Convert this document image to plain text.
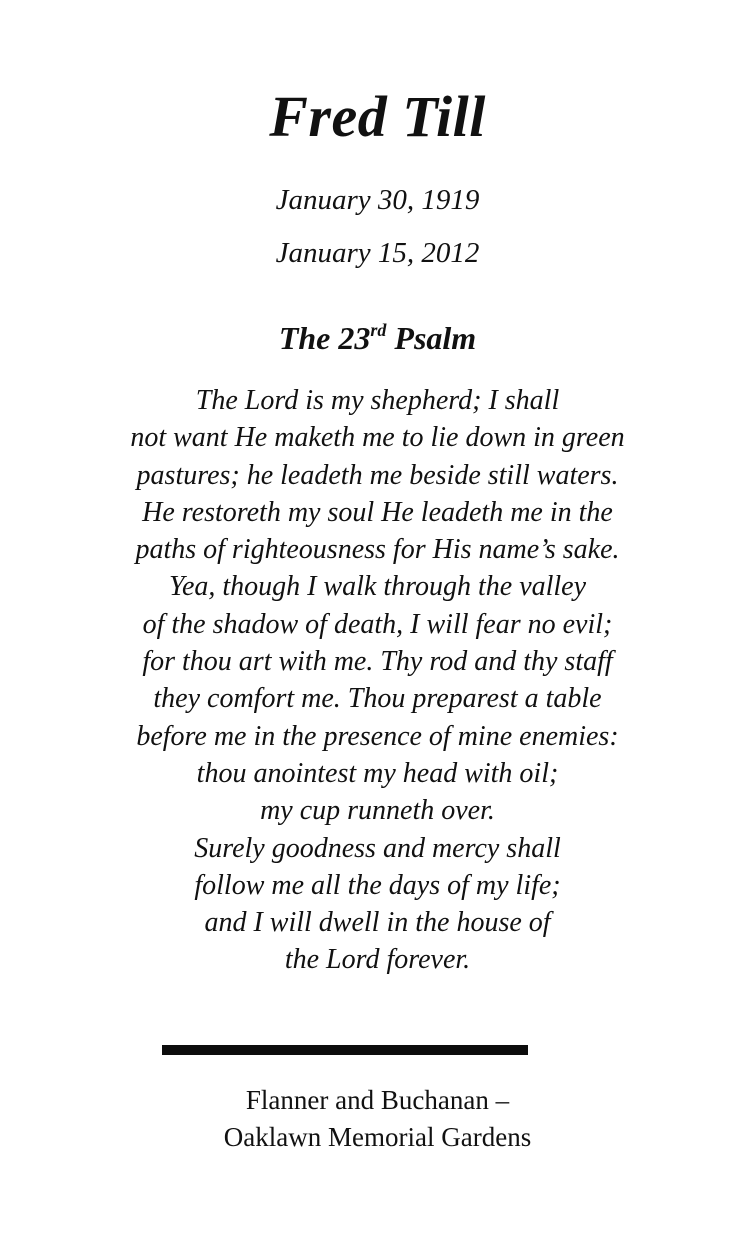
Fred Till
January 30, 1919
January 15, 2012
The 23rd Psalm
The Lord is my shepherd; I shall
not want He maketh me to lie down in green
pastures; he leadeth me beside still waters.
He restoreth my soul He leadeth me in the
paths of righteousness for His name’s sake.
Yea, though I walk through the valley
of the shadow of death, I will fear no evil;
for thou art with me. Thy rod and thy staff
they comfort me. Thou preparest a table
before me in the presence of mine enemies:
thou anointest my head with oil;
my cup runneth over.
Surely goodness and mercy shall
follow me all the days of my life;
and I will dwell in the house of
the Lord forever.
Flanner and Buchanan –
Oaklawn Memorial Gardens
